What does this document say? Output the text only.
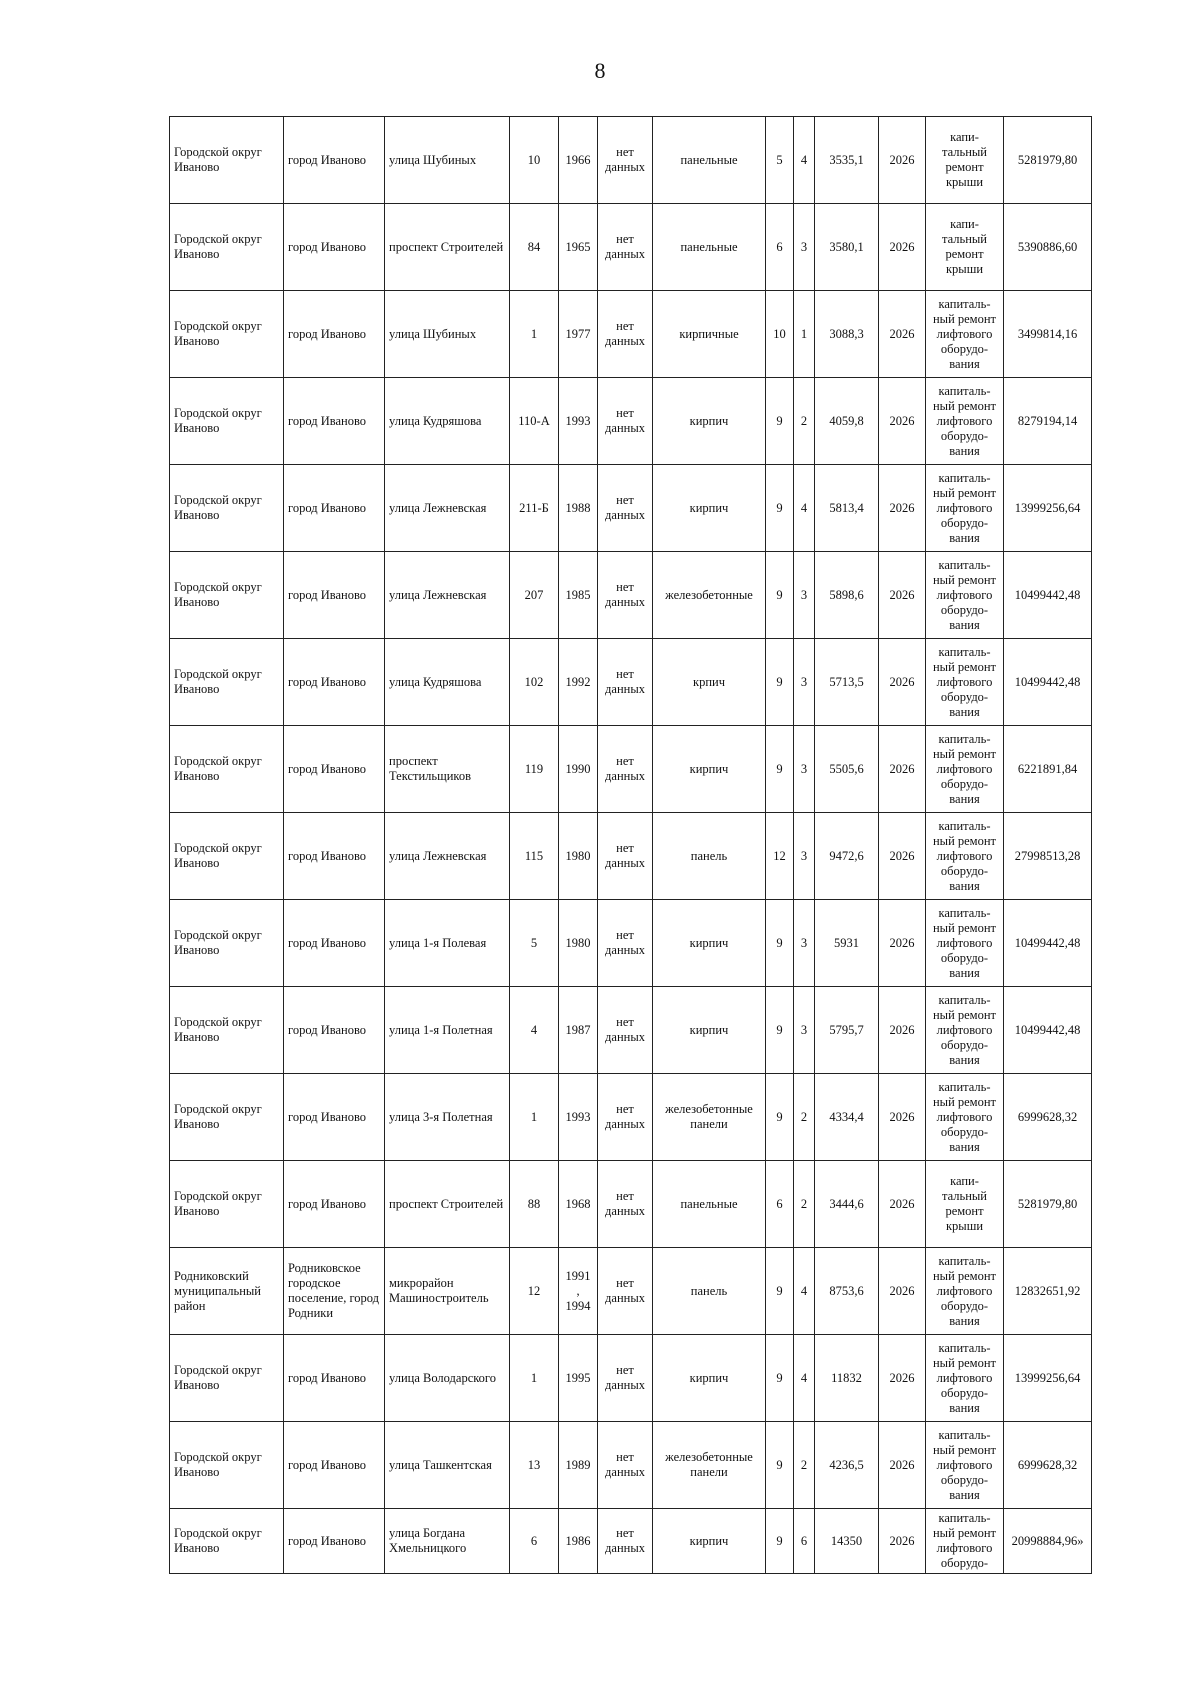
8
Городской округ Иваново	город Иваново	улица Шубиных	10	1966	нет данных	панельные	5	4	3535,1	2026	капи-
тальный
ремонт
крыши	5281979,80
Городской округ Иваново	город Иваново	проспект Строителей	84	1965	нет данных	панельные	6	3	3580,1	2026	капи-
тальный
ремонт
крыши	5390886,60
Городской округ Иваново	город Иваново	улица Шубиных	1	1977	нет данных	кирпичные	10	1	3088,3	2026	капиталь-
ный ремонт
лифтового
оборудо-
вания	3499814,16
Городской округ Иваново	город Иваново	улица Кудряшова	110-А	1993	нет данных	кирпич	9	2	4059,8	2026	капиталь-
ный ремонт
лифтового
оборудо-
вания	8279194,14
Городской округ Иваново	город Иваново	улица Лежневская	211-Б	1988	нет данных	кирпич	9	4	5813,4	2026	капиталь-
ный ремонт
лифтового
оборудо-
вания	13999256,64
Городской округ Иваново	город Иваново	улица Лежневская	207	1985	нет данных	железобетонные	9	3	5898,6	2026	капиталь-
ный ремонт
лифтового
оборудо-
вания	10499442,48
Городской округ Иваново	город Иваново	улица Кудряшова	102	1992	нет данных	крпич	9	3	5713,5	2026	капиталь-
ный ремонт
лифтового
оборудо-
вания	10499442,48
Городской округ Иваново	город Иваново	проспект Текстильщиков	119	1990	нет данных	кирпич	9	3	5505,6	2026	капиталь-
ный ремонт
лифтового
оборудо-
вания	6221891,84
Городской округ Иваново	город Иваново	улица Лежневская	115	1980	нет данных	панель	12	3	9472,6	2026	капиталь-
ный ремонт
лифтового
оборудо-
вания	27998513,28
Городской округ Иваново	город Иваново	улица 1-я Полевая	5	1980	нет данных	кирпич	9	3	5931	2026	капиталь-
ный ремонт
лифтового
оборудо-
вания	10499442,48
Городской округ Иваново	город Иваново	улица 1-я Полетная	4	1987	нет данных	кирпич	9	3	5795,7	2026	капиталь-
ный ремонт
лифтового
оборудо-
вания	10499442,48
Городской округ Иваново	город Иваново	улица 3-я Полетная	1	1993	нет данных	железобетонные панели	9	2	4334,4	2026	капиталь-
ный ремонт
лифтового
оборудо-
вания	6999628,32
Городской округ Иваново	город Иваново	проспект Строителей	88	1968	нет данных	панельные	6	2	3444,6	2026	капи-
тальный
ремонт
крыши	5281979,80
Родниковский муниципальный район	Родниковское городское поселение, город Родники	микрорайон Машиностроитель	12	1991
,
1994	нет данных	панель	9	4	8753,6	2026	капиталь-
ный ремонт
лифтового
оборудо-
вания	12832651,92
Городской округ Иваново	город Иваново	улица Володарского	1	1995	нет данных	кирпич	9	4	11832	2026	капиталь-
ный ремонт
лифтового
оборудо-
вания	13999256,64
Городской округ Иваново	город Иваново	улица Ташкентская	13	1989	нет данных	железобетонные панели	9	2	4236,5	2026	капиталь-
ный ремонт
лифтового
оборудо-
вания	6999628,32
Городской округ Иваново	город Иваново	улица Богдана Хмельницкого	6	1986	нет данных	кирпич	9	6	14350	2026	капиталь-
ный ремонт
лифтового
оборудо-	20998884,96»
